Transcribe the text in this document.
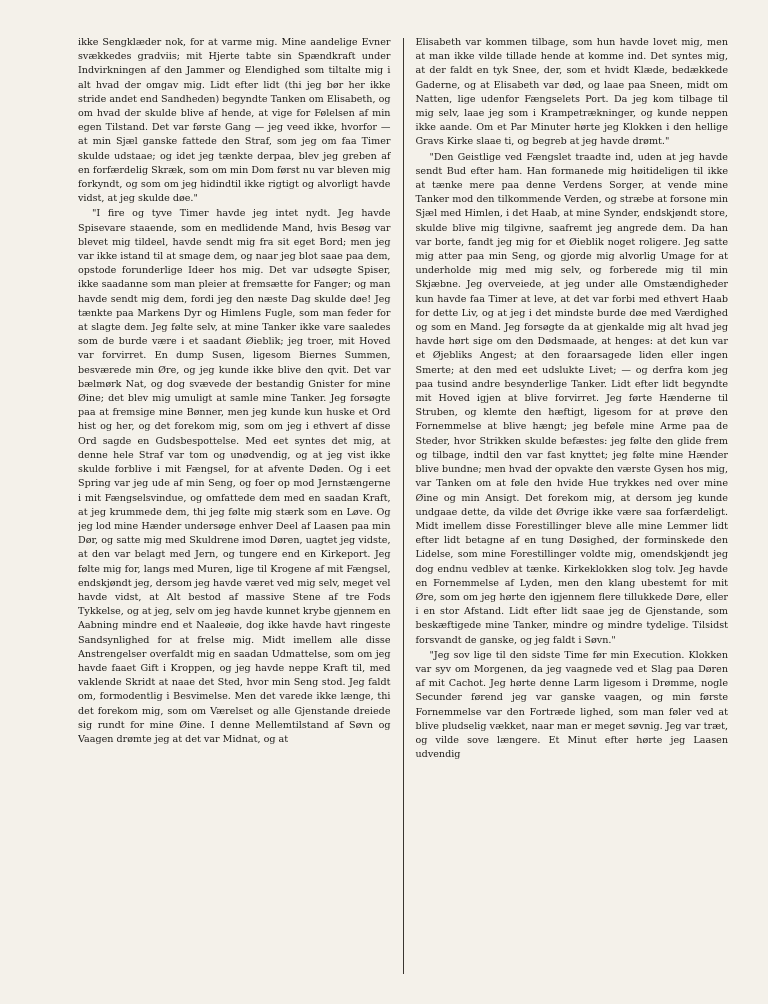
ikke Sengklæder nok, for at varme mig. Mine aandelige Evner svækkedes gradviis; mit Hjerte tabte sin Spændkraft under Indvirkningen af den Jammer og Elendighed som tiltalte mig i alt hvad der omgav mig. Lidt efter lidt (thi jeg bør her ikke stride andet end Sandheden) begyndte Tanken om Elisabeth, og om hvad der skulde blive af hende, at vige for Følelsen af min egen Tilstand. Det var første Gang — jeg veed ikke, hvorfor — at min Sjæl ganske fattede den Straf, som jeg om faa Timer skulde udstaae; og idet jeg tænkte derpaa, blev jeg greben af en forfærdelig Skræk, som om min Dom først nu var bleven mig forkyndt, og som om jeg hidindtil ikke rigtigt og alvorligt havde vidst, at jeg skulde døe."

"I fire og tyve Timer havde jeg intet nydt. Jeg havde Spisevare staaende, som en medlidende Mand, hvis Besøg var blevet mig tildeel, havde sendt mig fra sit eget Bord; men jeg var ikke istand til at smage dem, og naar jeg blot saae paa dem, opstode forunderlige Ideer hos mig. Det var udsøgte Spiser, ikke saadanne som man pleier at fremsætte for Fanger; og man havde sendt mig dem, fordi jeg den næste Dag skulde døe! Jeg tænkte paa Markens Dyr og Himlens Fugle, som man feder for at slagte dem. Jeg følte selv, at mine Tanker ikke vare saaledes som de burde være i et saadant Øieblik; jeg troer, mit Hoved var forvirret. En dump Susen, ligesom Biernes Summen, besværede min Øre, og jeg kunde ikke blive den qvit. Det var bælmørk Nat, og dog svævede der bestandig Gnister for mine Øine; det blev mig umuligt at samle mine Tanker. Jeg forsøgte paa at fremsige mine Bønner, men jeg kunde kun huske et Ord hist og her, og det forekom mig, som om jeg i ethvert af disse Ord sagde en Gudsbespottelse. Med eet syntes det mig, at denne hele Straf var tom og unødvendig, og at jeg vist ikke skulde forblive i mit Fængsel, for at afvente Døden. Og i eet Spring var jeg ude af min Seng, og foer op mod Jernstængerne i mit Fængselsvindue, og omfattede dem med en saadan Kraft, at jeg krummede dem, thi jeg følte mig stærk som en Løve. Og jeg lod mine Hænder undersøge enhver Deel af Laasen paa min Dør, og satte mig med Skuldrene imod Døren, uagtet jeg vidste, at den var belagt med Jern, og tungere end en Kirkeport. Jeg følte mig for, langs med Muren, lige til Krogene af mit Fængsel, endskjøndt jeg, dersom jeg havde været ved mig selv, meget vel havde vidst, at Alt bestod af massive Stene af tre Fods Tykkelse, og at jeg, selv om jeg havde kunnet krybe gjennem en Aabning mindre end et Naaleøie, dog ikke havde havt ringeste Sandsynlighed for at frelse mig. Midt imellem alle disse Anstrengelser overfaldt mig en saadan Udmattelse, som om jeg havde faaet Gift i Kroppen, og jeg havde neppe Kraft til, med vaklende Skridt at naae det Sted, hvor min Seng stod. Jeg faldt om, formodentlig i Besvimelse. Men det varede ikke længe, thi det forekom mig, som om Værelset og alle Gjenstande dreiede sig rundt for mine Øine. I denne Mellemtilstand af Søvn og Vaagen drømte jeg at det var Midnat, og at

Elisabeth var kommen tilbage, som hun havde lovet mig, men at man ikke vilde tillade hende at komme ind. Det syntes mig, at der faldt en tyk Snee, der, som et hvidt Klæde, bedækkede Gaderne, og at Elisabeth var død, og laae paa Sneen, midt om Natten, lige udenfor Fængselets Port. Da jeg kom tilbage til mig selv, laae jeg som i Krampetrækninger, og kunde neppen ikke aande. Om et Par Minuter hørte jeg Klokken i den hellige Gravs Kirke slaae ti, og begreb at jeg havde drømt."

"Den Geistlige ved Fængslet traadte ind, uden at jeg havde sendt Bud efter ham. Han formanede mig høitideligen til ikke at tænke mere paa denne Verdens Sorger, at vende mine Tanker mod den tilkommende Verden, og stræbe at forsone min Sjæl med Himlen, i det Haab, at mine Synder, endskjøndt store, skulde blive mig tilgivne, saafremt jeg angrede dem. Da han var borte, fandt jeg mig for et Øieblik noget roligere. Jeg satte mig atter paa min Seng, og gjorde mig alvorlig Umage for at underholde mig med mig selv, og forberede mig til min Skjæbne. Jeg overveiede, at jeg under alle Omstændigheder kun havde faa Timer at leve, at det var forbi med ethvert Haab for dette Liv, og at jeg i det mindste burde døe med Værdighed og som en Mand. Jeg forsøgte da at gjenkalde mig alt hvad jeg havde hørt sige om den Dødsmaade, at henges: at det kun var et Øjebliks Angest; at den foraarsagede liden eller ingen Smerte; at den med eet udslukte Livet; — og derfra kom jeg paa tusind andre besynderlige Tanker. Lidt efter lidt begyndte mit Hoved igjen at blive forvirret. Jeg førte Hænderne til Struben, og klemte den hæftigt, ligesom for at prøve den Fornemmelse at blive hængt; jeg beføle mine Arme paa de Steder, hvor Strikken skulde befæstes: jeg følte den glide frem og tilbage, indtil den var fast knyttet; jeg følte mine Hænder blive bundne; men hvad der opvakte den værste Gysen hos mig, var Tanken om at føle den hvide Hue trykkes ned over mine Øine og min Ansigt. Det forekom mig, at dersom jeg kunde undgaae dette, da vilde det Øvrige ikke være saa forfærdeligt. Midt imellem disse Forestillinger bleve alle mine Lemmer lidt efter lidt betagne af en tung Døsighed, der forminskede den Lidelse, som mine Forestillinger voldte mig, omendskjøndt jeg dog endnu vedblev at tænke. Kirkeklokken slog tolv. Jeg havde en Fornemmelse af Lyden, men den klang ubestemt for mit Øre, som om jeg hørte den igjennem flere tillukkede Døre, eller i en stor Afstand. Lidt efter lidt saae jeg de Gjenstande, som beskæftigede mine Tanker, mindre og mindre tydelige. Tilsidst forsvandt de ganske, og jeg faldt i Søvn."

"Jeg sov lige til den sidste Time før min Execution. Klokken var syv om Morgenen, da jeg vaagnede ved et Slag paa Døren af mit Cachot. Jeg hørte denne Larm ligesom i Drømme, nogle Secunder førend jeg var ganske vaagen, og min første Fornemmelse var den Fortræde lighed, som man føler ved at blive pludselig vækket, naar man er meget søvnig. Jeg var træt, og vilde sove længere. Et Minut efter hørte jeg Laasen udvendig
